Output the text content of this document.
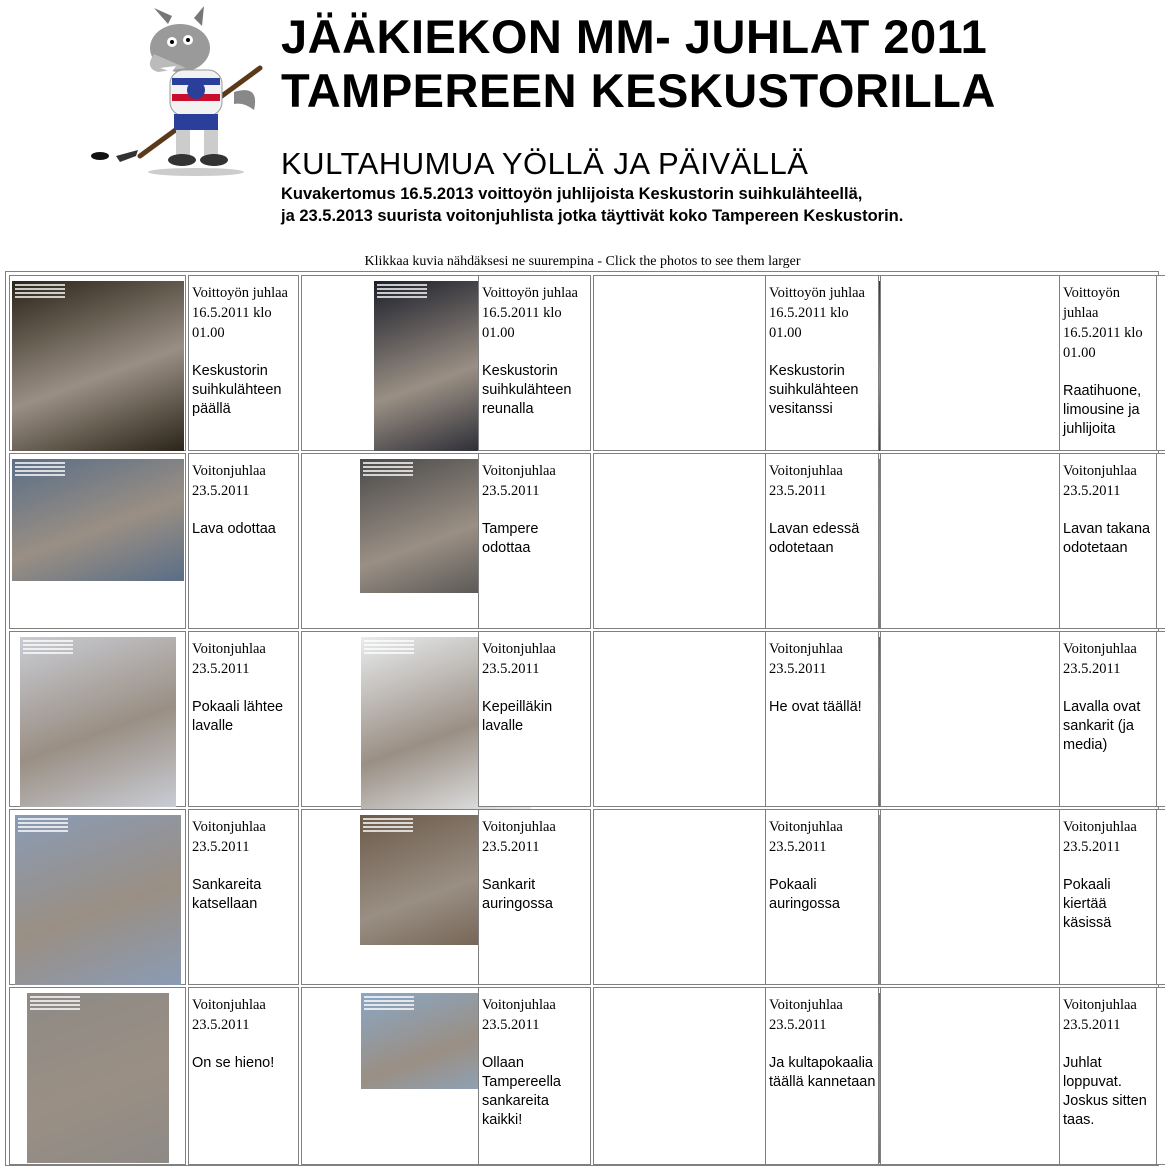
JÄÄKIEKON MM- JUHLAT 2011
TAMPEREEN KESKUSTORILLA
KULTAHUMUA YÖLLÄ JA PÄIVÄLLÄ
Kuvakertomus 16.5.2013 voittoyön juhlijoista Keskustorin suihkulähteellä,
ja 23.5.2013 suurista voitonjuhlista jotka täyttivät koko Tampereen Keskustorin.
Klikkaa kuvia nähdäksesi ne suurempina - Click the photos to see them larger
Voittoyön juhlaa 16.5.2011 klo 01.00
Keskustorin suihkulähteen päällä
Voittoyön juhlaa 16.5.2011 klo 01.00
Keskustorin suihkulähteen reunalla
Voittoyön juhlaa 16.5.2011 klo 01.00
Keskustorin suihkulähteen vesitanssi
Voittoyön juhlaa 16.5.2011 klo 01.00
Raatihuone, limousine ja juhlijoita
Voitonjuhlaa 23.5.2011
Lava odottaa
Voitonjuhlaa 23.5.2011
Tampere odottaa
Voitonjuhlaa 23.5.2011
Lavan edessä odotetaan
Voitonjuhlaa 23.5.2011
Lavan takana odotetaan
Voitonjuhlaa 23.5.2011
Pokaali lähtee lavalle
Voitonjuhlaa 23.5.2011
Kepeilläkin lavalle
Voitonjuhlaa 23.5.2011
He ovat täällä!
Voitonjuhlaa 23.5.2011
Lavalla ovat sankarit (ja media)
Voitonjuhlaa 23.5.2011
Sankareita katsellaan
Voitonjuhlaa 23.5.2011
Sankarit auringossa
Voitonjuhlaa 23.5.2011
Pokaali auringossa
Voitonjuhlaa 23.5.2011
Pokaali kiertää käsissä
Voitonjuhlaa 23.5.2011
On se hieno!
Voitonjuhlaa 23.5.2011
Ollaan Tampereella sankareita kaikki!
Voitonjuhlaa 23.5.2011
Ja kultapokaalia täällä kannetaan
Voitonjuhlaa 23.5.2011
Juhlat loppuvat. Joskus sitten taas.
